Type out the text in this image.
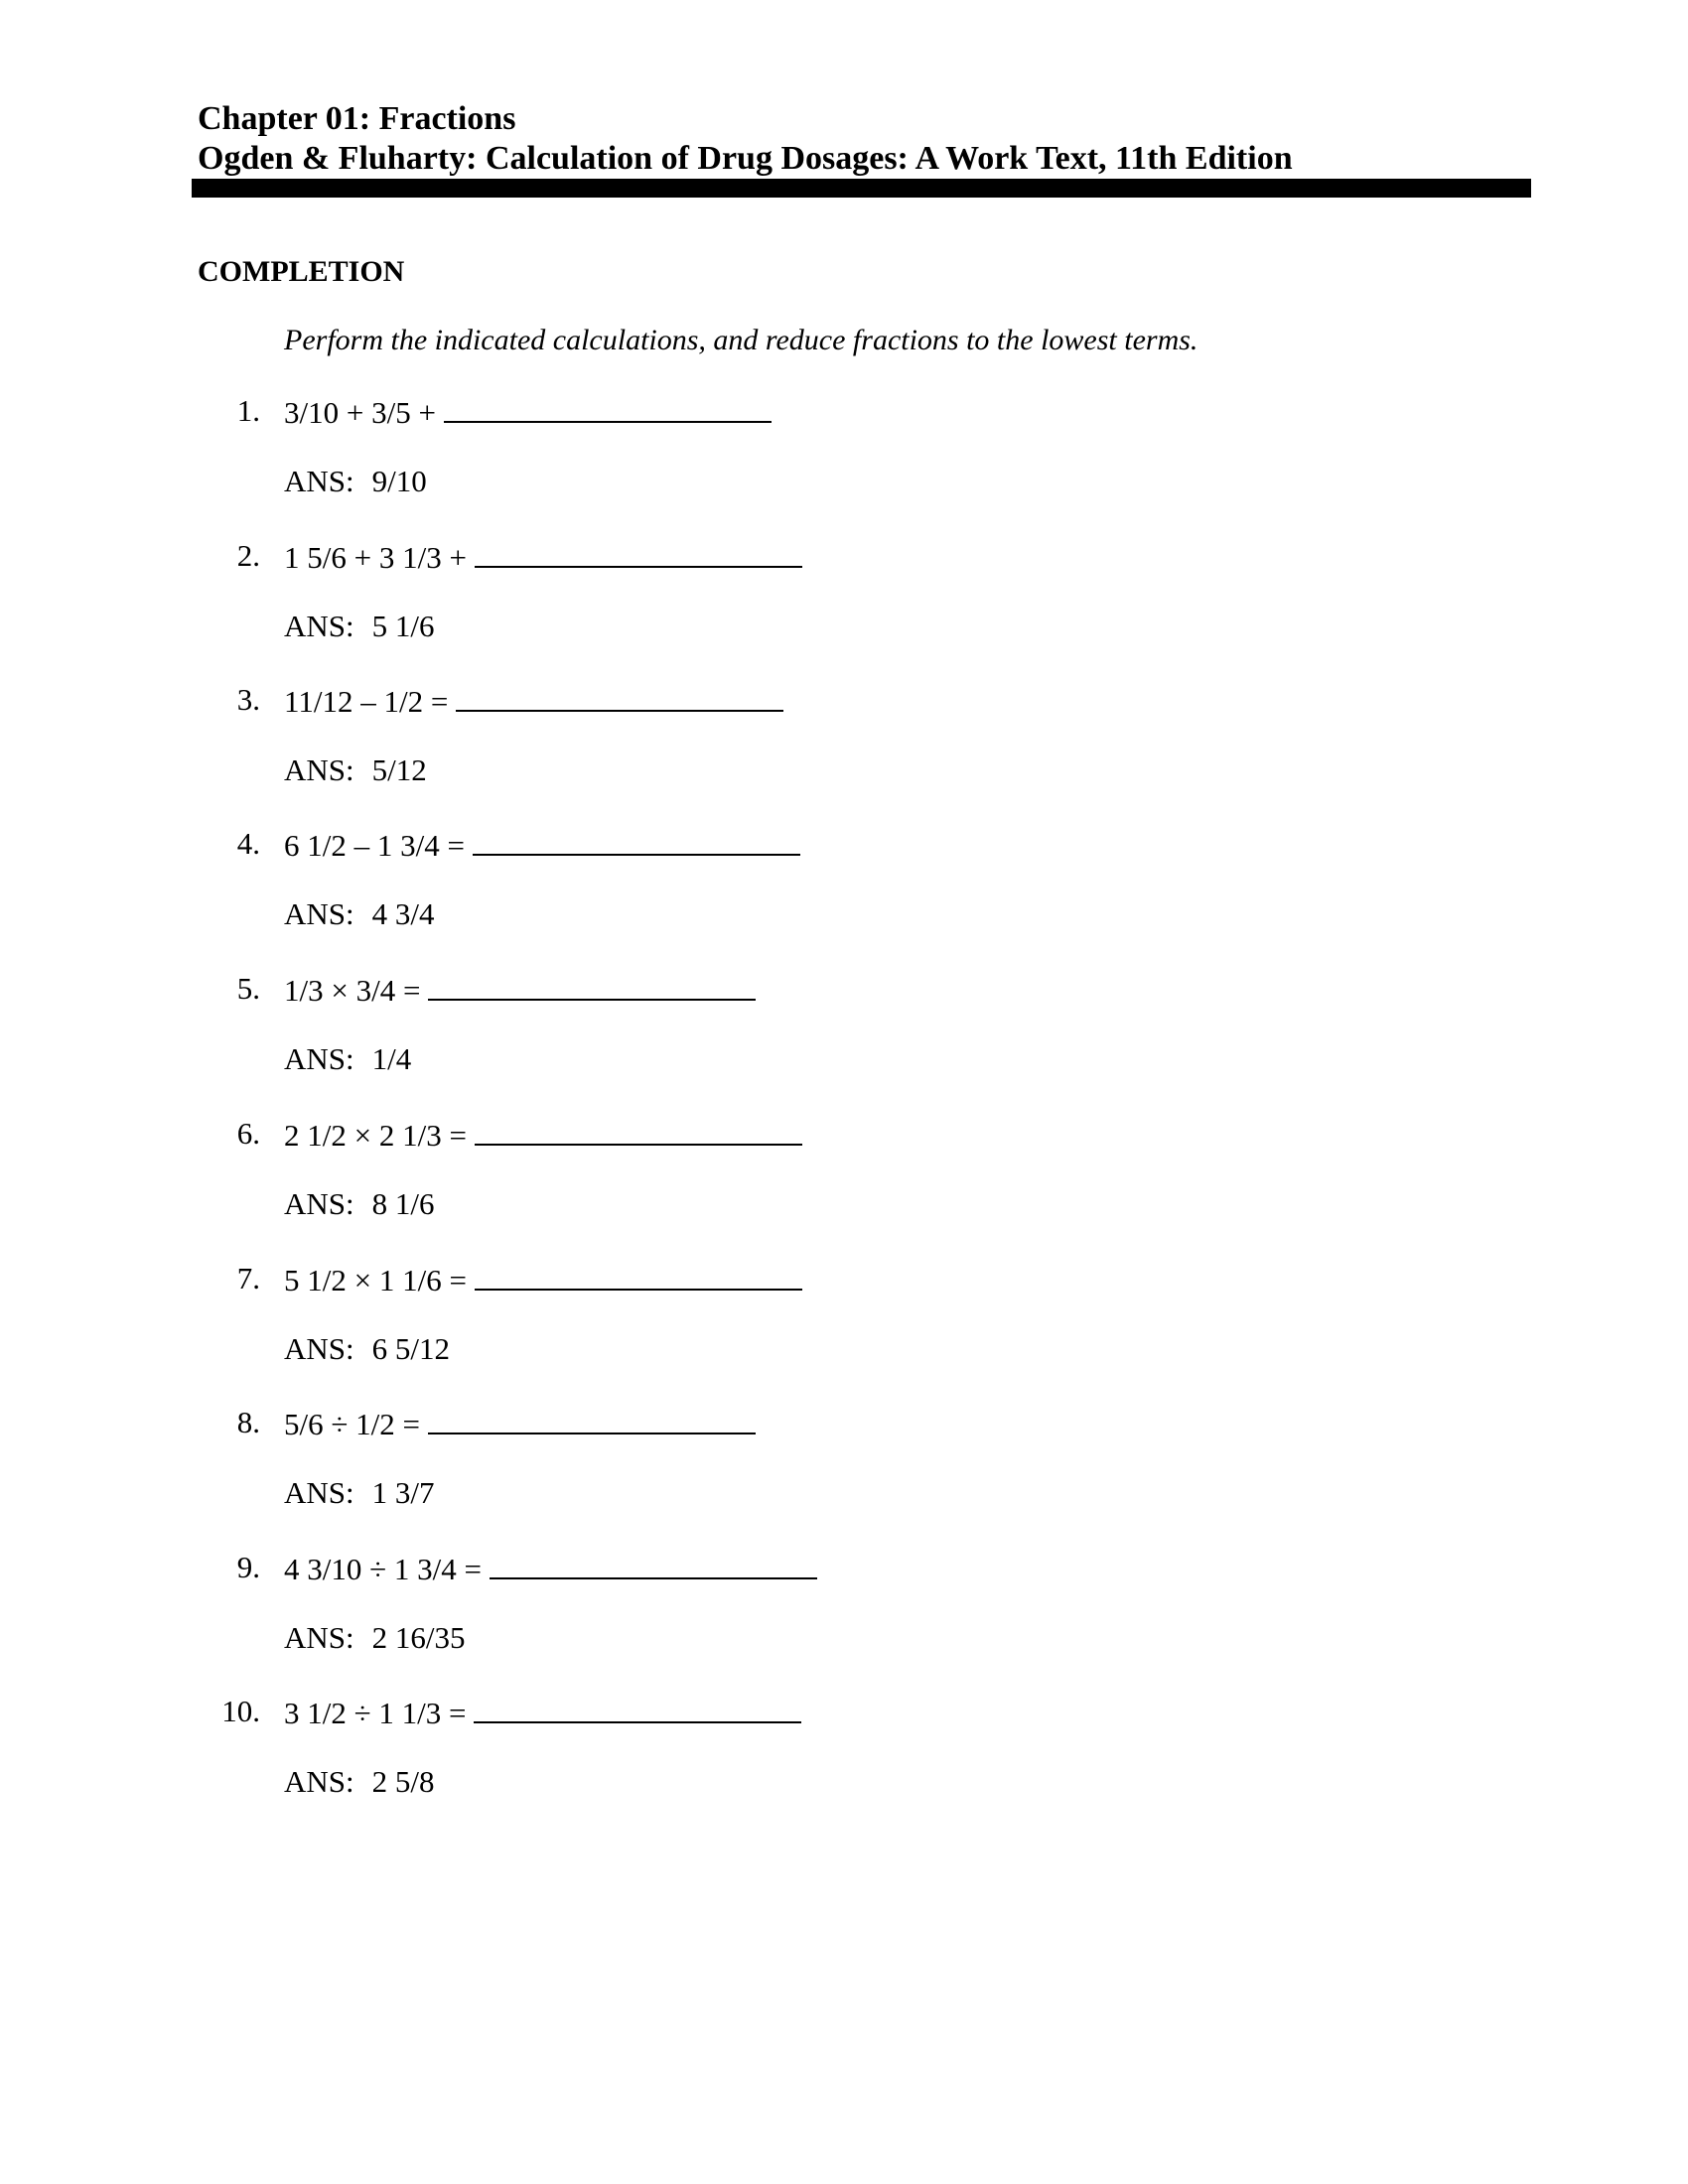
Chapter 01: Fractions
Ogden & Fluharty: Calculation of Drug Dosages: A Work Text, 11th Edition
COMPLETION
Perform the indicated calculations, and reduce fractions to the lowest terms.
1. 3/10 + 3/5 +
ANS: 9/10
2. 1 5/6 + 3 1/3 +
ANS: 5 1/6
3. 11/12 – 1/2 =
ANS: 5/12
4. 6 1/2 – 1 3/4 =
ANS: 4 3/4
5. 1/3 × 3/4 =
ANS: 1/4
6. 2 1/2 × 2 1/3 =
ANS: 8 1/6
7. 5 1/2 × 1 1/6 =
ANS: 6 5/12
8. 5/6 ÷ 1/2 =
ANS: 1 3/7
9. 4 3/10 ÷ 1 3/4 =
ANS: 2 16/35
10. 3 1/2 ÷ 1 1/3 =
ANS: 2 5/8
